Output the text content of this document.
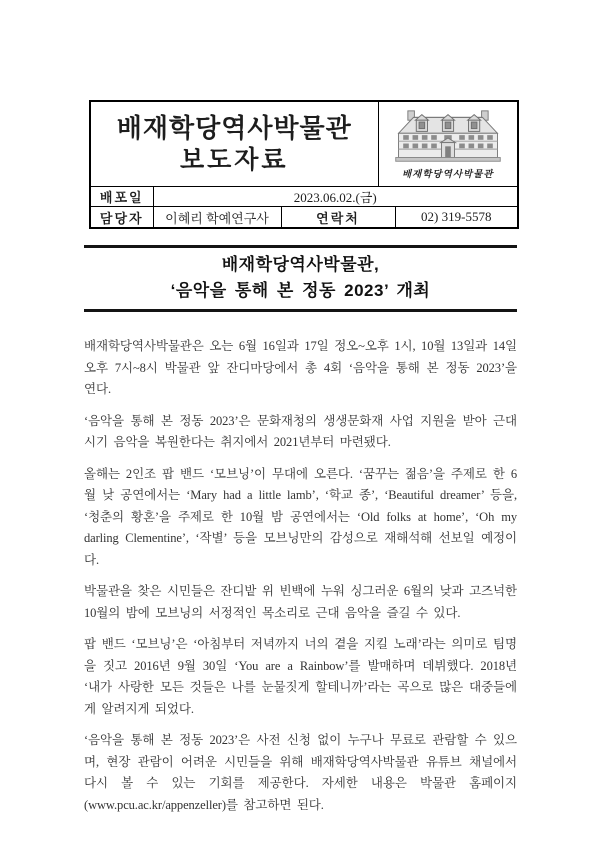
배재학당역사박물관
보도자료			배재학당역사박물관	

배포일	2023.06.02.(금)			
담당자	이혜리 학예연구사	연락처		02) 319-5578
배재학당역사박물관,
‘음악을 통해 본 정동 2023’ 개최

배재학당역사박물관은 오는 6월 16일과 17일 정오~오후 1시, 10월 13일과 14일 오후 7시~8시 박물관 앞 잔디마당에서 총 4회 ‘음악을 통해 본 정동 2023’을 연다.

‘음악을 통해 본 정동 2023’은 문화재청의 생생문화재 사업 지원을 받아 근대 시기 음악을 복원한다는 취지에서 2021년부터 마련됐다.

올해는 2인조 팝 밴드 ‘모브닝’이 무대에 오른다. ‘꿈꾸는 젊음’을 주제로 한 6월 낮 공연에서는 ‘Mary had a little lamb’, ‘학교 종’, ‘Beautiful dreamer’ 등을, ‘청춘의 황혼’을 주제로 한 10월 밤 공연에서는 ‘Old folks at home’, ‘Oh my darling Clementine’, ‘작별’ 등을 모브닝만의 감성으로 재해석해 선보일 예정이다.

박물관을 찾은 시민들은 잔디밭 위 빈백에 누워 싱그러운 6월의 낮과 고즈넉한 10월의 밤에 모브닝의 서정적인 목소리로 근대 음악을 즐길 수 있다.

팝 밴드 ‘모브닝’은 ‘아침부터 저녁까지 너의 곁을 지킬 노래’라는 의미로 팀명을 짓고 2016년 9월 30일 ‘You are a Rainbow’를 발매하며 데뷔했다. 2018년 ‘내가 사랑한 모든 것들은 나를 눈물짓게 할테니까’라는 곡으로 많은 대중들에게 알려지게 되었다.

‘음악을 통해 본 정동 2023’은 사전 신청 없이 누구나 무료로 관람할 수 있으며, 현장 관람이 어려운 시민들을 위해 배재학당역사박물관 유튜브 채널에서 다시 볼 수 있는 기회를 제공한다. 자세한 내용은 박물관 홈페이지(www.pcu.ac.kr/appenzeller)를 참고하면 된다.
